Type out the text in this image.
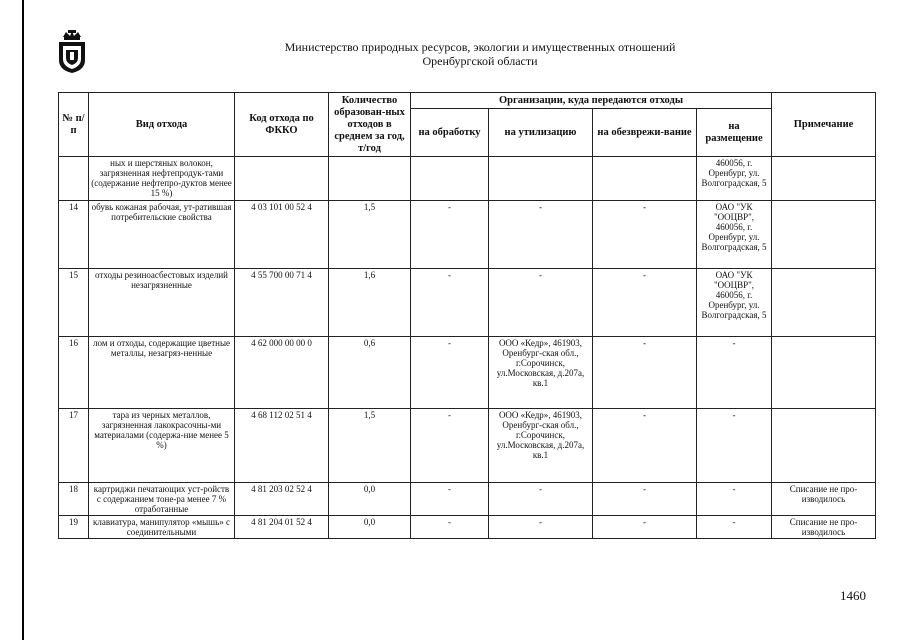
Министерство природных ресурсов, экологии и имущественных отношений
Оренбургской области
№ п/п	Вид отхода	Код отхода по ФККО	Количество образован-ных отходов в среднем за год, т/год	Организации, куда передаются отходы				Примечание
				на обработку	на утилизацию	на обезврежи-вание	на размещение	
	ных и шерстяных волокон, загрязненная нефтепродук-тами (содержание нефтепро-дуктов менее 15 %)						460056, г. Оренбург, ул. Волгоградская, 5	
14	обувь кожаная рабочая, ут-ратившая потребительские свойства	4 03 101 00 52 4	1,5	-	-	-	ОАО "УК "ООЦВР", 460056, г. Оренбург, ул. Волгоградская, 5	
15	отходы резиноасбестовых изделий незагрязненные	4 55 700 00 71 4	1,6	-	-	-	ОАО "УК "ООЦВР", 460056, г. Оренбург, ул. Волгоградская, 5	
16	лом и отходы, содержащие цветные металлы, незагряз-ненные	4 62 000 00 00 0	0,6	-	ООО «Кедр», 461903, Оренбург-ская обл., г.Сорочинск, ул.Московская, д.207а, кв.1	-	-	
17	тара из черных металлов, загрязненная лакокрасочны-ми материалами (содержа-ние менее 5 %)	4 68 112 02 51 4	1,5	-	ООО «Кедр», 461903, Оренбург-ская обл., г.Сорочинск, ул.Московская, д.207а, кв.1	-	-	
18	картриджи печатающих уст-ройств с содержанием тоне-ра менее 7 % отработанные	4 81 203 02 52 4	0,0	-	-	-	-	Списание не про-изводилось
19	клавиатура, манипулятор «мышь» с соединительными	4 81 204 01 52 4	0,0	-	-	-	-	Списание не про-изводилось
1460
